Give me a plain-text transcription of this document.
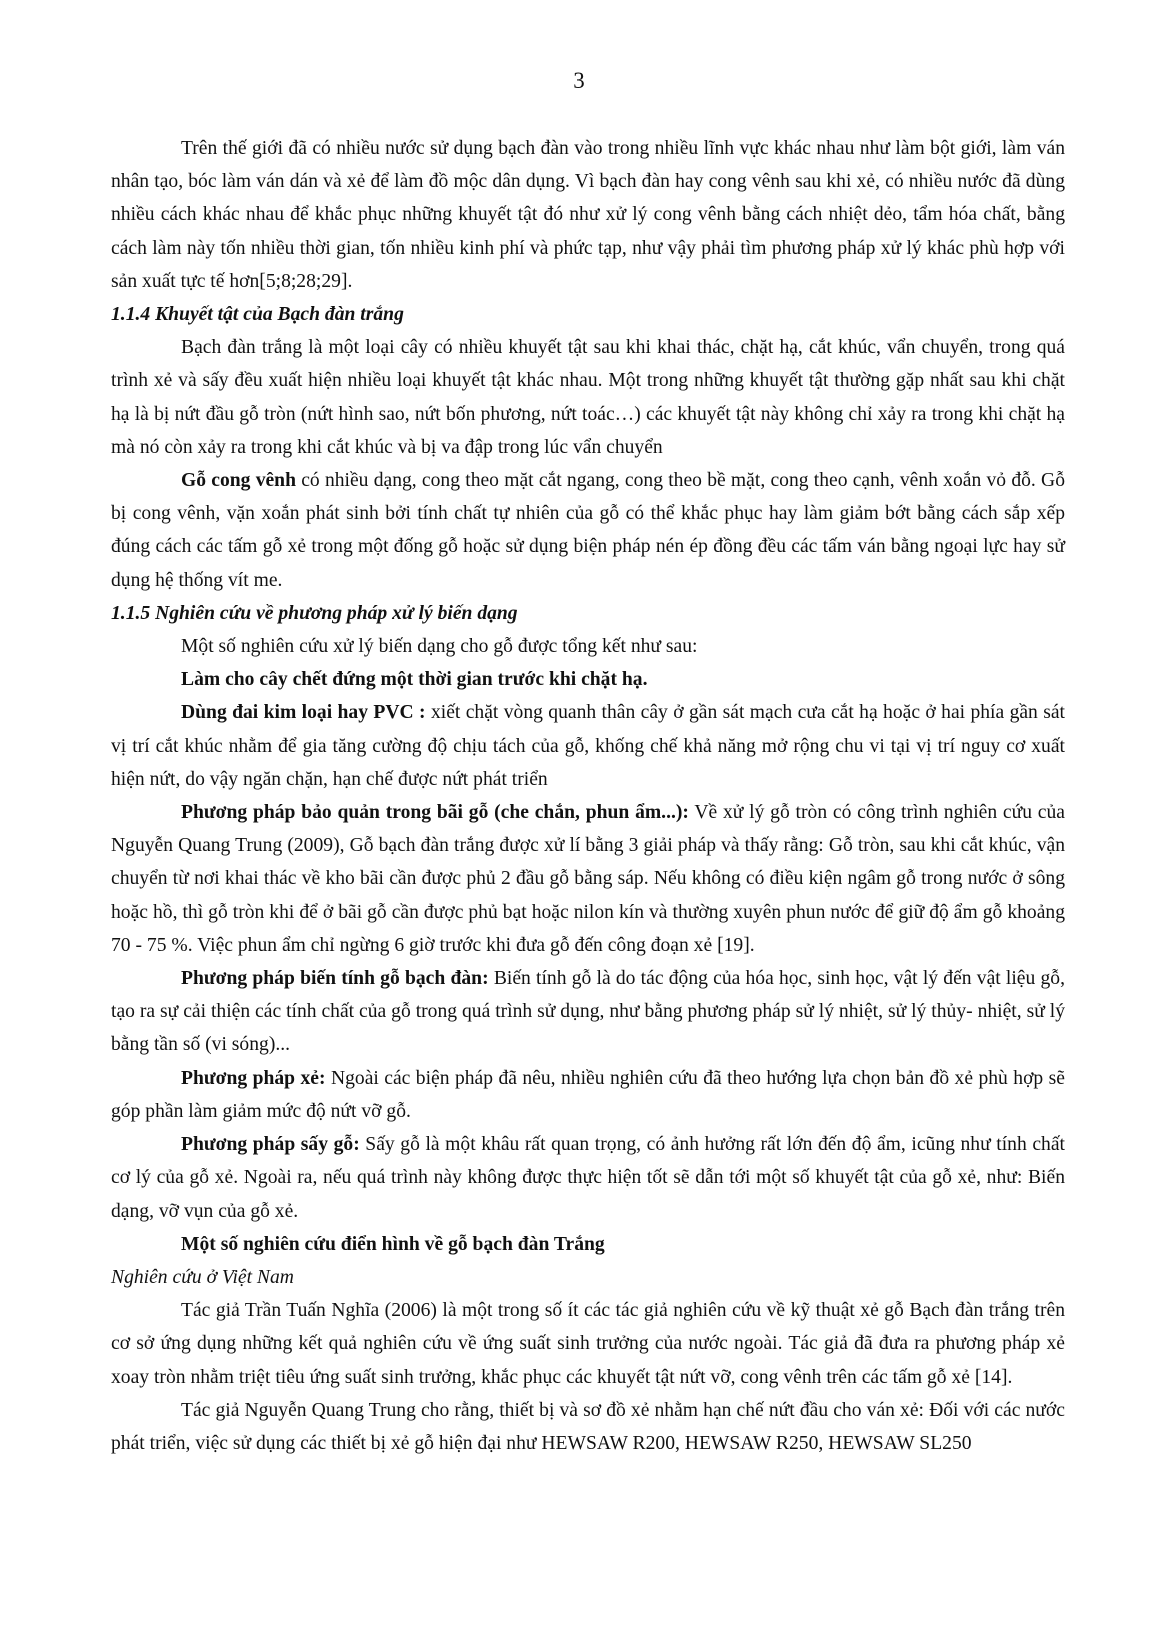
3

Trên thế giới đã có nhiều nước sử dụng bạch đàn vào trong nhiều lĩnh vực khác nhau như làm bột giới, làm ván nhân tạo, bóc làm ván dán và xẻ để làm đồ mộc dân dụng. Vì bạch đàn hay cong vênh sau khi xẻ, có nhiều nước đã dùng nhiều cách khác nhau để khắc phục những khuyết tật đó như xử lý cong vênh bằng cách nhiệt dẻo, tẩm hóa chất, bằng cách làm này tốn nhiều thời gian, tốn nhiều kinh phí và phức tạp, như vậy phải tìm phương pháp xử lý khác phù hợp với sản xuất tực tế hơn[5;8;28;29].

1.1.4 Khuyết tật của Bạch đàn trắng

Bạch đàn trắng là một loại cây có nhiều khuyết tật sau khi khai thác, chặt hạ, cắt khúc, vẩn chuyển, trong quá trình xẻ và sấy đều xuất hiện nhiều loại khuyết tật khác nhau. Một trong những khuyết tật thường gặp nhất sau khi chặt hạ là bị nứt đầu gỗ tròn (nứt hình sao, nứt bốn phương, nứt toác…) các khuyết tật này không chỉ xảy ra trong khi chặt hạ mà nó còn xảy ra trong khi cắt khúc và bị va đập trong lúc vẩn chuyển

Gỗ cong vênh có nhiều dạng, cong theo mặt cắt ngang, cong theo bề mặt, cong theo cạnh, vênh xoắn vỏ đỗ. Gỗ bị cong vênh, vặn xoắn phát sinh bởi tính chất tự nhiên của gỗ có thể khắc phục hay làm giảm bớt bằng cách sắp xếp đúng cách các tấm gỗ xẻ trong một đống gỗ hoặc sử dụng biện pháp nén ép đồng đều các tấm ván bằng ngoại lực hay sử dụng hệ thống vít me.

1.1.5 Nghiên cứu về phương pháp xử lý biến dạng

Một số nghiên cứu xử lý biến dạng cho gỗ được tổng kết như sau:

Làm cho cây chết đứng một thời gian trước khi chặt hạ.

Dùng đai kim loại hay PVC : xiết chặt vòng quanh thân cây ở gần sát mạch cưa cắt hạ hoặc ở hai phía gần sát vị trí cắt khúc nhằm để gia tăng cường độ chịu tách của gỗ, khống chế khả năng mở rộng chu vi tại vị trí nguy cơ xuất hiện nứt, do vậy ngăn chặn, hạn chế được nứt phát triển

Phương pháp bảo quản trong bãi gỗ (che chắn, phun ẩm...): Về xử lý gỗ tròn có công trình nghiên cứu của Nguyễn Quang Trung (2009), Gỗ bạch đàn trắng được xử lí bằng 3 giải pháp và thấy rằng: Gỗ tròn, sau khi cắt khúc, vận chuyển từ nơi khai thác về kho bãi cần được phủ 2 đầu gỗ bằng sáp. Nếu không có điều kiện ngâm gỗ trong nước ở sông hoặc hồ, thì gỗ tròn khi để ở bãi gỗ cần được phủ bạt hoặc nilon kín và thường xuyên phun nước để giữ độ ẩm gỗ khoảng 70 - 75 %. Việc phun ẩm chỉ ngừng 6 giờ trước khi đưa gỗ đến công đoạn xẻ [19].

Phương pháp biến tính gỗ bạch đàn: Biến tính gỗ là do tác động của hóa học, sinh học, vật lý đến vật liệu gỗ, tạo ra sự cải thiện các tính chất của gỗ trong quá trình sử dụng, như bằng phương pháp sử lý nhiệt, sử lý thủy- nhiệt, sử lý bằng tần số (vi sóng)...

Phương pháp xẻ: Ngoài các biện pháp đã nêu, nhiều nghiên cứu đã theo hướng lựa chọn bản đồ xẻ phù hợp sẽ góp phần làm giảm mức độ nứt vỡ gỗ.

Phương pháp sấy gỗ: Sấy gỗ là một khâu rất quan trọng, có ảnh hưởng rất lớn đến độ ẩm, icũng như tính chất cơ lý của gỗ xẻ. Ngoài ra, nếu quá trình này không được thực hiện tốt sẽ dẫn tới một số khuyết tật của gỗ xẻ, như: Biến dạng, vỡ vụn của gỗ xẻ.

Một số nghiên cứu điển hình về gỗ bạch đàn Trắng

Nghiên cứu ở Việt Nam

Tác giả Trần Tuấn Nghĩa (2006) là một trong số ít các tác giả nghiên cứu về kỹ thuật xẻ gỗ Bạch đàn trắng trên cơ sở ứng dụng những kết quả nghiên cứu về ứng suất sinh trưởng của nước ngoài. Tác giả đã đưa ra phương pháp xẻ xoay tròn nhằm triệt tiêu ứng suất sinh trưởng, khắc phục các khuyết tật nứt vỡ, cong vênh trên các tấm gỗ xẻ [14].

Tác giả Nguyễn Quang Trung cho rằng, thiết bị và sơ đồ xẻ nhằm hạn chế nứt đầu cho ván xẻ: Đối với các nước phát triển, việc sử dụng các thiết bị xẻ gỗ hiện đại như HEWSAW R200, HEWSAW R250, HEWSAW SL250
